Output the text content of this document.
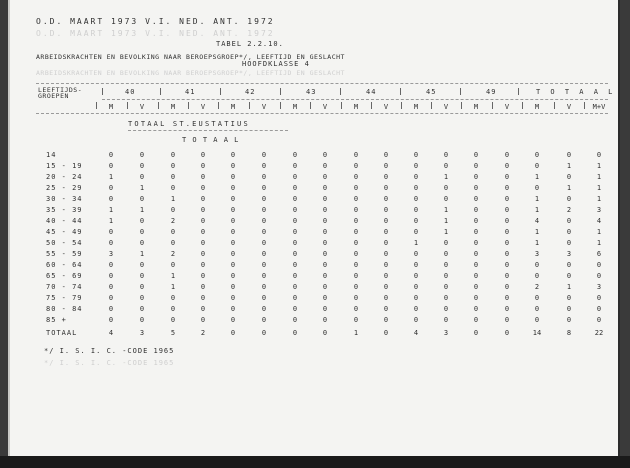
O.D. MAART 1973 V.I. NED. ANT. 1972
O.D. MAART 1973 V.I. NED. ANT. 1972
TABEL 2.2.10.
ARBEIDSKRACHTEN EN BEVOLKING NAAR BEROEPSGROEP*/, LEEFTIJD EN GESLACHT
HOOFDKLASSE 4
ARBEIDSKRACHTEN EN BEVOLKING NAAR BEROEPSGROEP*/, LEEFTIJD EN GESLACHT
LEEFTIJDS-
GROEPEN	40	41	42	43	44	45	49	T O T A A L
M	V	M	V	M	V	M	V	M	V	M	V	M	V	M	V	M+V
TOTAAL ST.EUSTATIUS
T O T A A L
14	0	0	0	0	0	0	0	0	0	0	0	0	0	0	0	0	0
15 - 19	0	0	0	0	0	0	0	0	0	0	0	0	0	0	0	1	1
20 - 24	1	0	0	0	0	0	0	0	0	0	0	1	0	0	1	0	1
25 - 29	0	1	0	0	0	0	0	0	0	0	0	0	0	0	0	1	1
30 - 34	0	0	1	0	0	0	0	0	0	0	0	0	0	0	1	0	1
35 - 39	1	1	0	0	0	0	0	0	0	0	0	1	0	0	1	2	3
40 - 44	1	0	2	0	0	0	0	0	0	0	0	1	0	0	4	0	4
45 - 49	0	0	0	0	0	0	0	0	0	0	0	1	0	0	1	0	1
50 - 54	0	0	0	0	0	0	0	0	0	0	1	0	0	0	1	0	1
55 - 59	3	1	2	0	0	0	0	0	0	0	0	0	0	0	3	3	6
60 - 64	0	0	0	0	0	0	0	0	0	0	0	0	0	0	0	0	0
65 - 69	0	0	1	0	0	0	0	0	0	0	0	0	0	0	0	0	0
70 - 74	0	0	1	0	0	0	0	0	0	0	0	0	0	0	2	1	3
75 - 79	0	0	0	0	0	0	0	0	0	0	0	0	0	0	0	0	0
80 - 84	0	0	0	0	0	0	0	0	0	0	0	0	0	0	0	0	0
85 +	0	0	0	0	0	0	0	0	0	0	0	0	0	0	0	0	0
TOTAAL	4	3	5	2	0	0	0	0	1	0	4	3	0	0	14	8	22
*/ I. S. I. C. -CODE 1965
*/ I. S. I. C. -CODE 1965
